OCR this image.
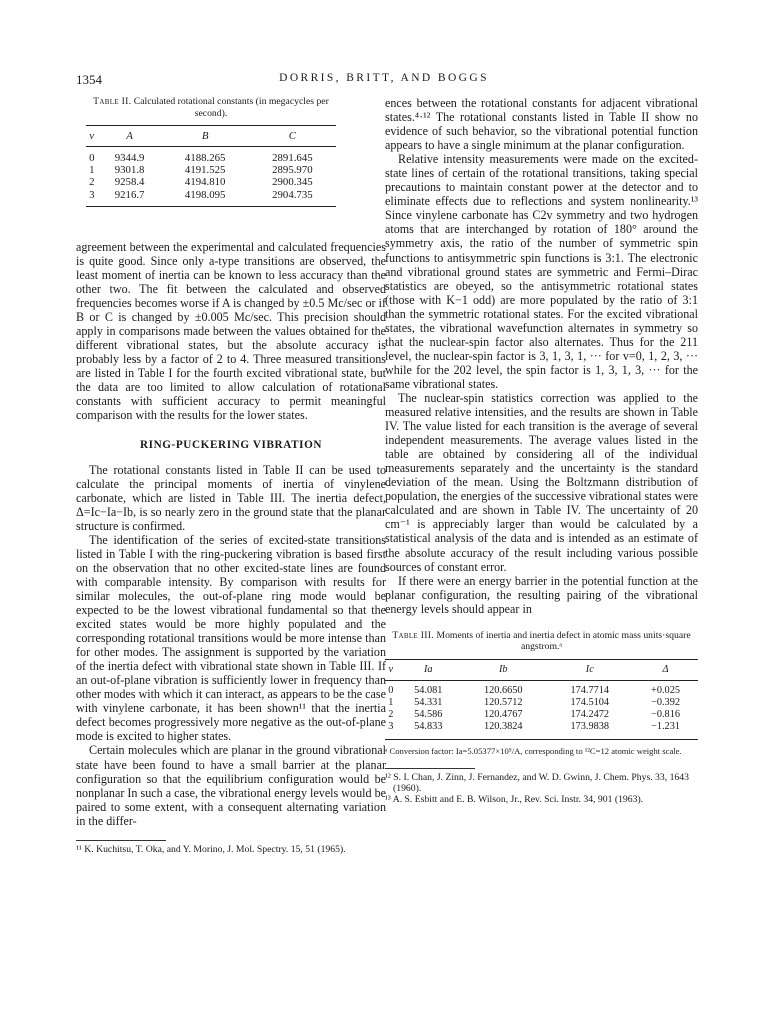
1354	DORRIS, BRITT, AND BOGGS

Table II. Calculated rotational constants (in megacycles per second).

v	A	B	C
0	9344.9	4188.265	2891.645
1	9301.8	4191.525	2895.970
2	9258.4	4194.810	2900.345
3	9216.7	4198.095	2904.735

agreement between the experimental and calculated frequencies is quite good. Since only a-type transitions are observed, the least moment of inertia can be known to less accuracy than the other two. The fit between the calculated and observed frequencies becomes worse if A is changed by ±0.5 Mc/sec or if B or C is changed by ±0.005 Mc/sec. This precision should apply in comparisons made between the values obtained for the different vibrational states, but the absolute accuracy is probably less by a factor of 2 to 4. Three measured transitions are listed in Table I for the fourth excited vibrational state, but the data are too limited to allow calculation of rotational constants with sufficient accuracy to permit meaningful comparison with the results for the lower states.

RING-PUCKERING VIBRATION

The rotational constants listed in Table II can be used to calculate the principal moments of inertia of vinylene carbonate, which are listed in Table III. The inertia defect, Δ=Ic−Ia−Ib, is so nearly zero in the ground state that the planar structure is confirmed.

The identification of the series of excited-state transitions listed in Table I with the ring-puckering vibration is based first on the observation that no other excited-state lines are found with comparable intensity. By comparison with results for similar molecules, the out-of-plane ring mode would be expected to be the lowest vibrational fundamental so that the excited states would be more highly populated and the corresponding rotational transitions would be more intense than for other modes. The assignment is supported by the variation of the inertia defect with vibrational state shown in Table III. If an out-of-plane vibration is sufficiently lower in frequency than other modes with which it can interact, as appears to be the case with vinylene carbonate, it has been shown¹¹ that the inertia defect becomes progressively more negative as the out-of-plane mode is excited to higher states.

Certain molecules which are planar in the ground vibrational state have been found to have a small barrier at the planar configuration so that the equilibrium configuration would be nonplanar In such a case, the vibrational energy levels would be paired to some extent, with a consequent alternating variation in the differ-

¹¹ K. Kuchitsu, T. Oka, and Y. Morino, J. Mol. Spectry. 15, 51 (1965).

ences between the rotational constants for adjacent vibrational states.⁴·¹² The rotational constants listed in Table II show no evidence of such behavior, so the vibrational potential function appears to have a single minimum at the planar configuration.

Relative intensity measurements were made on the excited-state lines of certain of the rotational transitions, taking special precautions to maintain constant power at the detector and to eliminate effects due to reflections and system nonlinearity.¹³ Since vinylene carbonate has C2v symmetry and two hydrogen atoms that are interchanged by rotation of 180° around the symmetry axis, the ratio of the number of symmetric spin functions to antisymmetric spin functions is 3:1. The electronic and vibrational ground states are symmetric and Fermi–Dirac statistics are obeyed, so the antisymmetric rotational states (those with K−1 odd) are more populated by the ratio of 3:1 than the symmetric rotational states. For the excited vibrational states, the vibrational wavefunction alternates in symmetry so that the nuclear-spin factor also alternates. Thus for the 211 level, the nuclear-spin factor is 3, 1, 3, 1, ··· for v=0, 1, 2, 3, ··· while for the 202 level, the spin factor is 1, 3, 1, 3, ··· for the same vibrational states.

The nuclear-spin statistics correction was applied to the measured relative intensities, and the results are shown in Table IV. The value listed for each transition is the average of several independent measurements. The average values listed in the table are obtained by considering all of the individual measurements separately and the uncertainty is the standard deviation of the mean. Using the Boltzmann distribution of population, the energies of the successive vibrational states were calculated and are shown in Table IV. The uncertainty of 20 cm⁻¹ is appreciably larger than would be calculated by a statistical analysis of the data and is intended as an estimate of the absolute accuracy of the result including various possible sources of constant error.

If there were an energy barrier in the potential function at the planar configuration, the resulting pairing of the vibrational energy levels should appear in

Table III. Moments of inertia and inertia defect in atomic mass units·square angstrom.ᵃ

v	Ia	Ib	Ic	Δ
0	54.081	120.6650	174.7714	+0.025
1	54.331	120.5712	174.5104	−0.392
2	54.586	120.4767	174.2472	−0.816
3	54.833	120.3824	173.9838	−1.231

ᵃ Conversion factor: Ia=5.05377×10⁵/A, corresponding to ¹²C=12 atomic weight scale.

¹² S. I. Chan, J. Zinn, J. Fernandez, and W. D. Gwinn, J. Chem. Phys. 33, 1643 (1960).

¹³ A. S. Esbitt and E. B. Wilson, Jr., Rev. Sci. Instr. 34, 901 (1963).
